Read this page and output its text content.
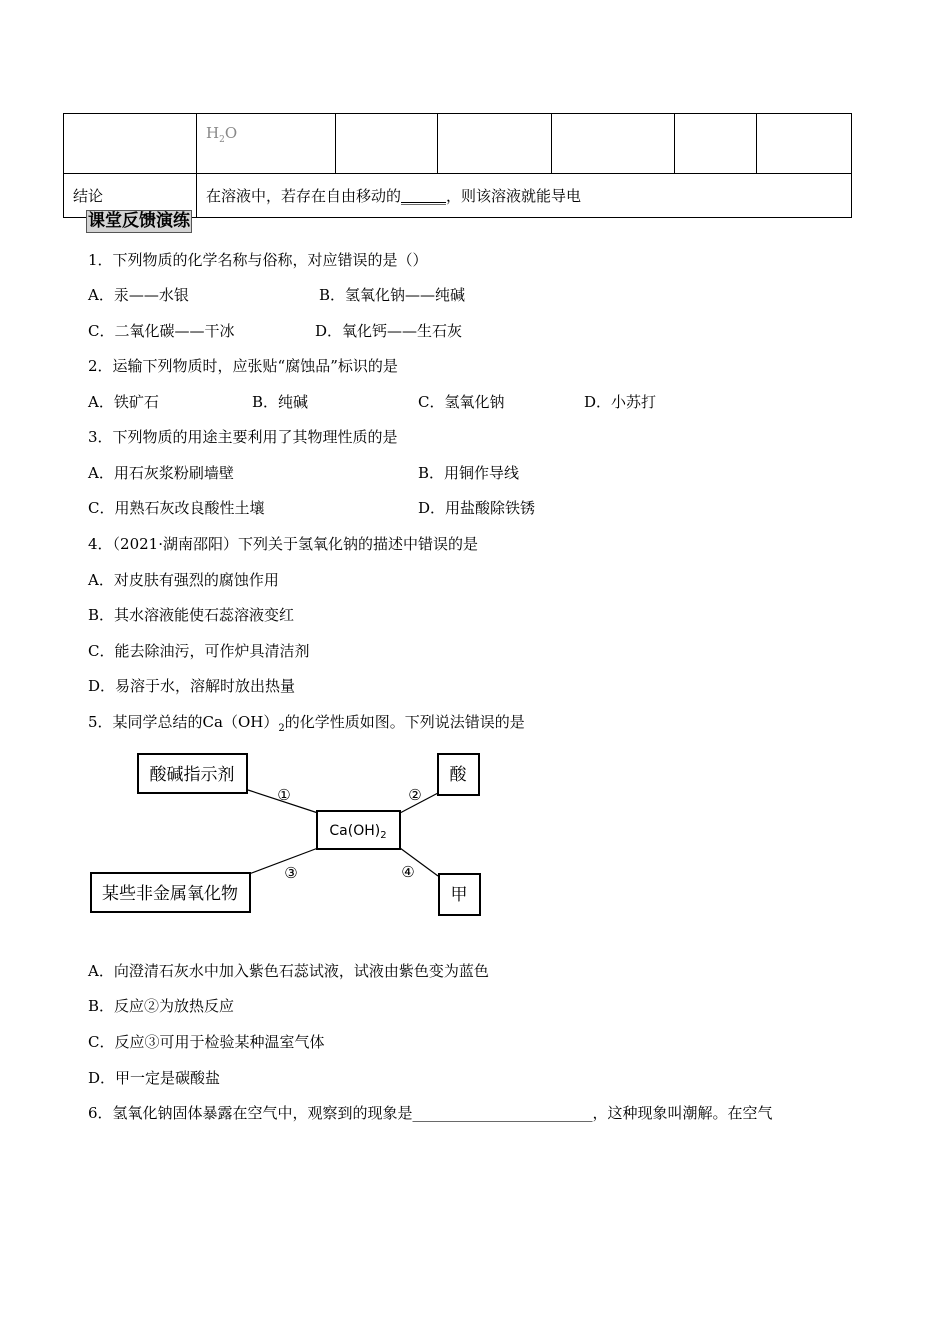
	$H_2O$					
结论	在溶液中，若存在自由移动的______，则该溶液就能导电					
课堂反馈演练
1．下列物质的化学名称与俗称，对应错误的是（）
A．汞——水银	B．氢氧化钠——纯碱
C．二氧化碳——干冰	D．氧化钙——生石灰
2．运输下列物质时，应张贴“腐蚀品”标识的是
A．铁矿石	B．纯碱	C．氢氧化钠	D．小苏打
3．下列物质的用途主要利用了其物理性质的是
A．用石灰浆粉刷墙壁	B．用铜作导线
C．用熟石灰改良酸性土壤	D．用盐酸除铁锈
4．（2021·湖南邵阳）下列关于氢氧化钠的描述中错误的是
A．对皮肤有强烈的腐蚀作用
B．其水溶液能使石蕊溶液变红
C．能去除油污，可作炉具清洁剂
D．易溶于水，溶解时放出热量
5．某同学总结的$Ca(OH)_2$的化学性质如图。下列说法错误的是
酸碱指示剂	酸
$Ca(OH)_2$
某些非金属氧化物	甲
①	②
③	④
A．向澄清石灰水中加入紫色石蕊试液，试液由紫色变为蓝色
B．反应②为放热反应
C．反应③可用于检验某种温室气体
D．甲一定是碳酸盐
6．氢氧化钠固体暴露在空气中，观察到的现象是________________________，这种现象叫潮解。在空气
